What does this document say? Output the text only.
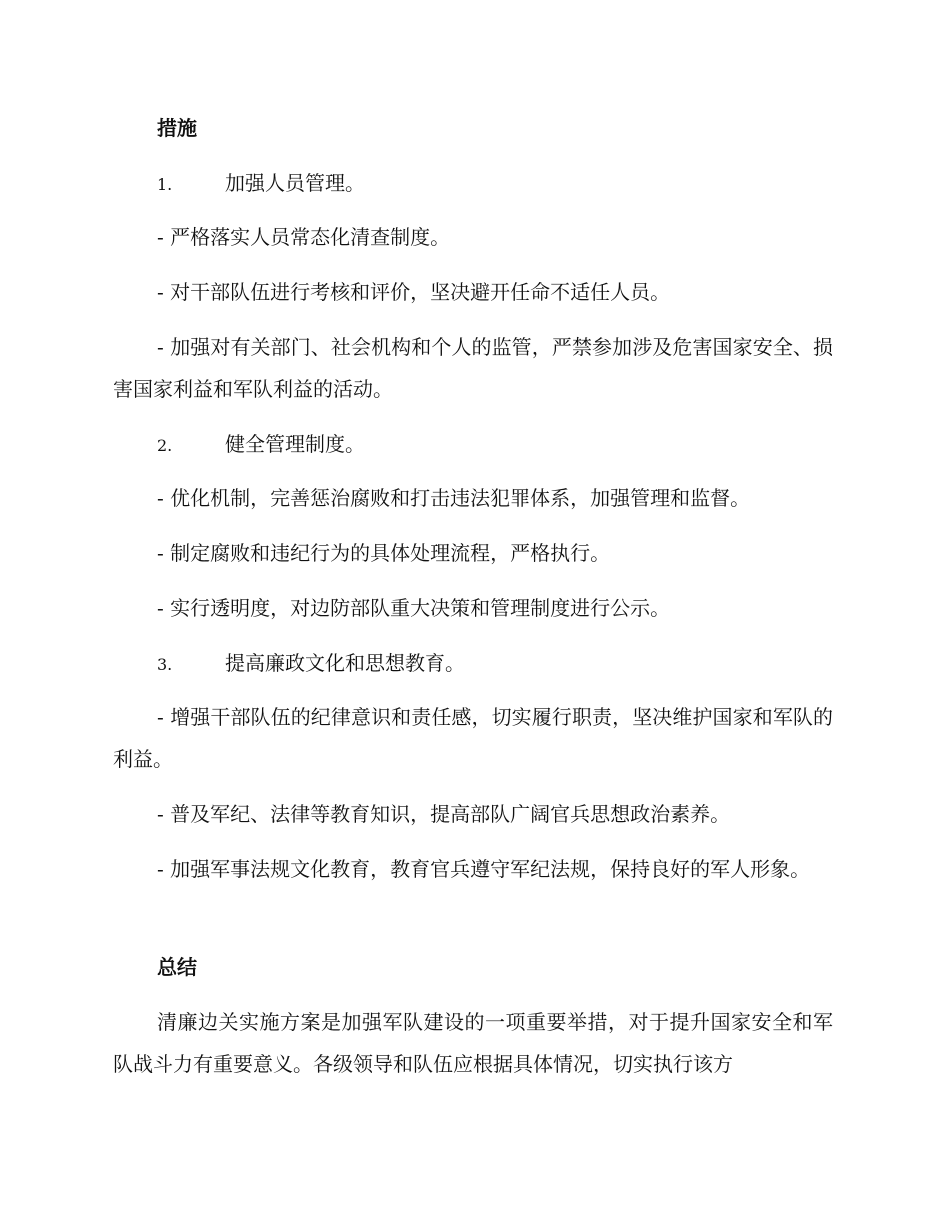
措施
1.	加强人员管理。

- 严格落实人员常态化清查制度。

- 对干部队伍进行考核和评价，坚决避开任命不适任人员。

- 加强对有关部门、社会机构和个人的监管，严禁参加涉及危害国家安全、损害国家利益和军队利益的活动。

2.	健全管理制度。

- 优化机制，完善惩治腐败和打击违法犯罪体系，加强管理和监督。

- 制定腐败和违纪行为的具体处理流程，严格执行。

- 实行透明度，对边防部队重大决策和管理制度进行公示。

3.	提高廉政文化和思想教育。

- 增强干部队伍的纪律意识和责任感，切实履行职责，坚决维护国家和军队的利益。

- 普及军纪、法律等教育知识，提高部队广阔官兵思想政治素养。

- 加强军事法规文化教育，教育官兵遵守军纪法规，保持良好的军人形象。

总结

清廉边关实施方案是加强军队建设的一项重要举措，对于提升国家安全和军队战斗力有重要意义。各级领导和队伍应根据具体情况，切实执行该方
